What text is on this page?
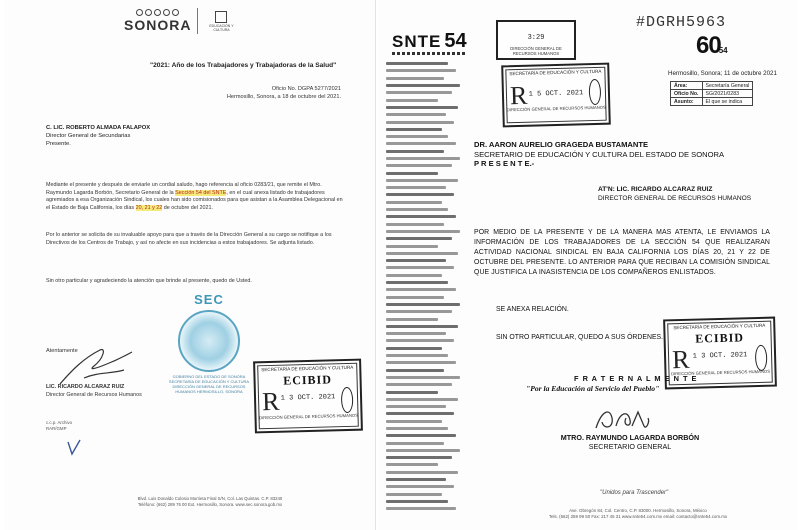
SONORA	EDUCACIÓN Y CULTURA
"2021: Año de los Trabajadores y Trabajadoras de la Salud"
Oficio No. DGPA 5277/2021
Hermosillo, Sonora, a 18 de octubre del 2021.
C. LIC. ROBERTO ALMADA FALAPOX
Director General de Secundarias
Presente.
Mediante el presente y después de enviarle un cordial saludo, hago referencia al oficio 0283/21, que remite el Mtro. Raymundo Lagarda Borbón, Secretario General de la Sección 54 del SNTE, en el cual anexa listado de trabajadores agremiados a esa Organización Sindical, los cuales han sido comisionados para que asistan a la Asamblea Delegacional en el Estado de Baja California, los días 20, 21 y 22 de octubre del 2021.
Por lo anterior se solicita de su invaluable apoyo para que a través de la Dirección General a su cargo se notifique a los Directivos de los Centros de Trabajo, y así no afecte en sus incidencias a estos trabajadores. Se adjunta listado.
Sin otro particular y agradeciendo la atención que brinde al presente, quedo de Usted.
SEC
GOBIERNO DEL ESTADO DE SONORA SECRETARÍA DE EDUCACIÓN Y CULTURA DIRECCIÓN GENERAL DE RECURSOS HUMANOS HERMOSILLO, SONORA
Atentamente
LIC. RICARDO ALCARAZ RUIZ
Director General de Recursos Humanos
c.c.p. Archivo
RAR/GMP
SECRETARÍA DE EDUCACIÓN Y CULTURA
ECIBID
R 1 3 OCT. 2021
DIRECCIÓN GENERAL DE RECURSOS HUMANOS
Blvd. Luis Donaldo Colosio Murrieta Final S/N, Col. Las Quintas. C.P. 83240
Teléfono: (662) 289 76 00 Ext. Hermosillo, Sonora. www.sec.sonora.gob.mx
SNTE 54
#DGRH5963
6054
Hermosillo, Sonora; 11 de octubre 2021
Área:	Secretaría General
Oficio No.	SG/2021/0283
Asunto:	El que se indica
SECRETARÍA DE EDUCACIÓN Y CULTURA
R 1 5 OCT. 2021
DIRECCIÓN GENERAL DE RECURSOS HUMANOS
3:29
DIRECCIÓN GENERAL DE RECURSOS HUMANOS
DR. AARON AURELIO GRAGEDA BUSTAMANTE
SECRETARIO DE EDUCACIÓN Y CULTURA DEL ESTADO DE SONORA
P R E S E N T E.-
AT'N: LIC. RICARDO ALCARAZ RUIZ
DIRECTOR GENERAL DE RECURSOS HUMANOS
POR MEDIO DE LA PRESENTE Y DE LA MANERA MAS ATENTA, LE ENVIAMOS LA INFORMACIÓN DE LOS TRABAJADORES DE LA SECCIÓN 54 QUE REALIZARAN ACTIVIDAD NACIONAL SINDICAL EN BAJA CALIFORNIA LOS DÍAS 20, 21 Y 22 DE OCTUBRE DEL PRESENTE. LO ANTERIOR PARA QUE RECIBAN LA COMISIÓN SINDICAL QUE JUSTIFICA LA INASISTENCIA DE LOS COMPAÑEROS ENLISTADOS.
SE ANEXA RELACIÓN.
SIN OTRO PARTICULAR, QUEDO A SUS ÓRDENES.
SECRETARÍA DE EDUCACIÓN Y CULTURA
ECIBID
R 1 3 OCT. 2021
DIRECCIÓN GENERAL DE RECURSOS HUMANOS
F R A T E R N A L M E N T E
"Por la Educación al Servicio del Pueblo"
MTRO. RAYMUNDO LAGARDA BORBÓN
SECRETARIO GENERAL
"Unidos para Trascender"
Ave. Obregón 84, Col. Centro, C.P. 83000. Hermosillo, Sonora, México
Tels. (662) 259 99 50 Fax: 217 45 31 www.snte54.com.mx email: contacto@snte54.com.mx
